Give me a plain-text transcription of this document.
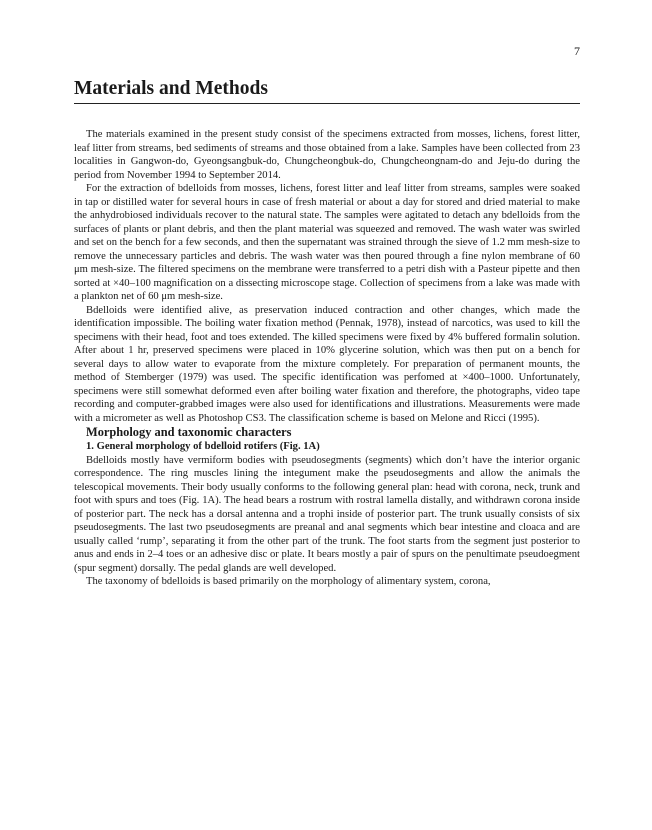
7
Materials and Methods

The materials examined in the present study consist of the specimens extracted from mosses, lichens, forest litter, leaf litter from streams, bed sediments of streams and those obtained from a lake. Samples have been collected from 23 localities in Gangwon-do, Gyeongsangbuk-do, Chungcheongbuk-do, Chungcheongnam-do and Jeju-do during the period from November 1994 to September 2014.

For the extraction of bdelloids from mosses, lichens, forest litter and leaf litter from streams, samples were soaked in tap or distilled water for several hours in case of fresh material or about a day for stored and dried material to make the anhydrobiosed individuals recover to the natural state. The samples were agitated to detach any bdelloids from the surfaces of plants or plant debris, and then the plant material was squeezed and removed. The wash water was swirled and set on the bench for a few seconds, and then the supernatant was strained through the sieve of 1.2 mm mesh-size to remove the unnecessary particles and debris. The wash water was then poured through a fine nylon membrane of 60 μm mesh-size. The filtered specimens on the membrane were transferred to a petri dish with a Pasteur pipette and then sorted at ×40–100 magnification on a dissecting microscope stage. Collection of specimens from a lake was made with a plankton net of 60 μm mesh-size.

Bdelloids were identified alive, as preservation induced contraction and other changes, which made the identification impossible. The boiling water fixation method (Pennak, 1978), instead of narcotics, was used to kill the specimens with their head, foot and toes extended. The killed specimens were fixed by 4% buffered formalin solution. After about 1 hr, preserved specimens were placed in 10% glycerine solution, which was then put on a bench for several days to allow water to evaporate from the mixture completely. For preparation of permanent mounts, the method of Stemberger (1979) was used. The specific identification was perfomed at ×400–1000. Unfortunately, specimens were still somewhat deformed even after boiling water fixation and therefore, the photographs, video tape recording and computer-grabbed images were also used for identifications and illustrations. Measurements were made with a micrometer as well as Photoshop CS3. The classification scheme is based on Melone and Ricci (1995).

Morphology and taxonomic characters

1. General morphology of bdelloid rotifers (Fig. 1A)

Bdelloids mostly have vermiform bodies with pseudosegments (segments) which don’t have the interior organic correspondence. The ring muscles lining the integument make the pseudosegments and allow the animals the telescopical movements. Their body usually conforms to the following general plan: head with corona, neck, trunk and foot with spurs and toes (Fig. 1A). The head bears a rostrum with rostral lamella distally, and withdrawn corona inside of posterior part. The neck has a dorsal antenna and a trophi inside of posterior part. The trunk usually consists of six pseudosegments. The last two pseudosegments are preanal and anal segments which bear intestine and cloaca and are usually called ‘rump’, separating it from the other part of the trunk. The foot starts from the segment just posterior to anus and ends in 2–4 toes or an adhesive disc or plate. It bears mostly a pair of spurs on the penultimate pseudoegment (spur segment) dorsally. The pedal glands are well developed.

The taxonomy of bdelloids is based primarily on the morphology of alimentary system, corona,
